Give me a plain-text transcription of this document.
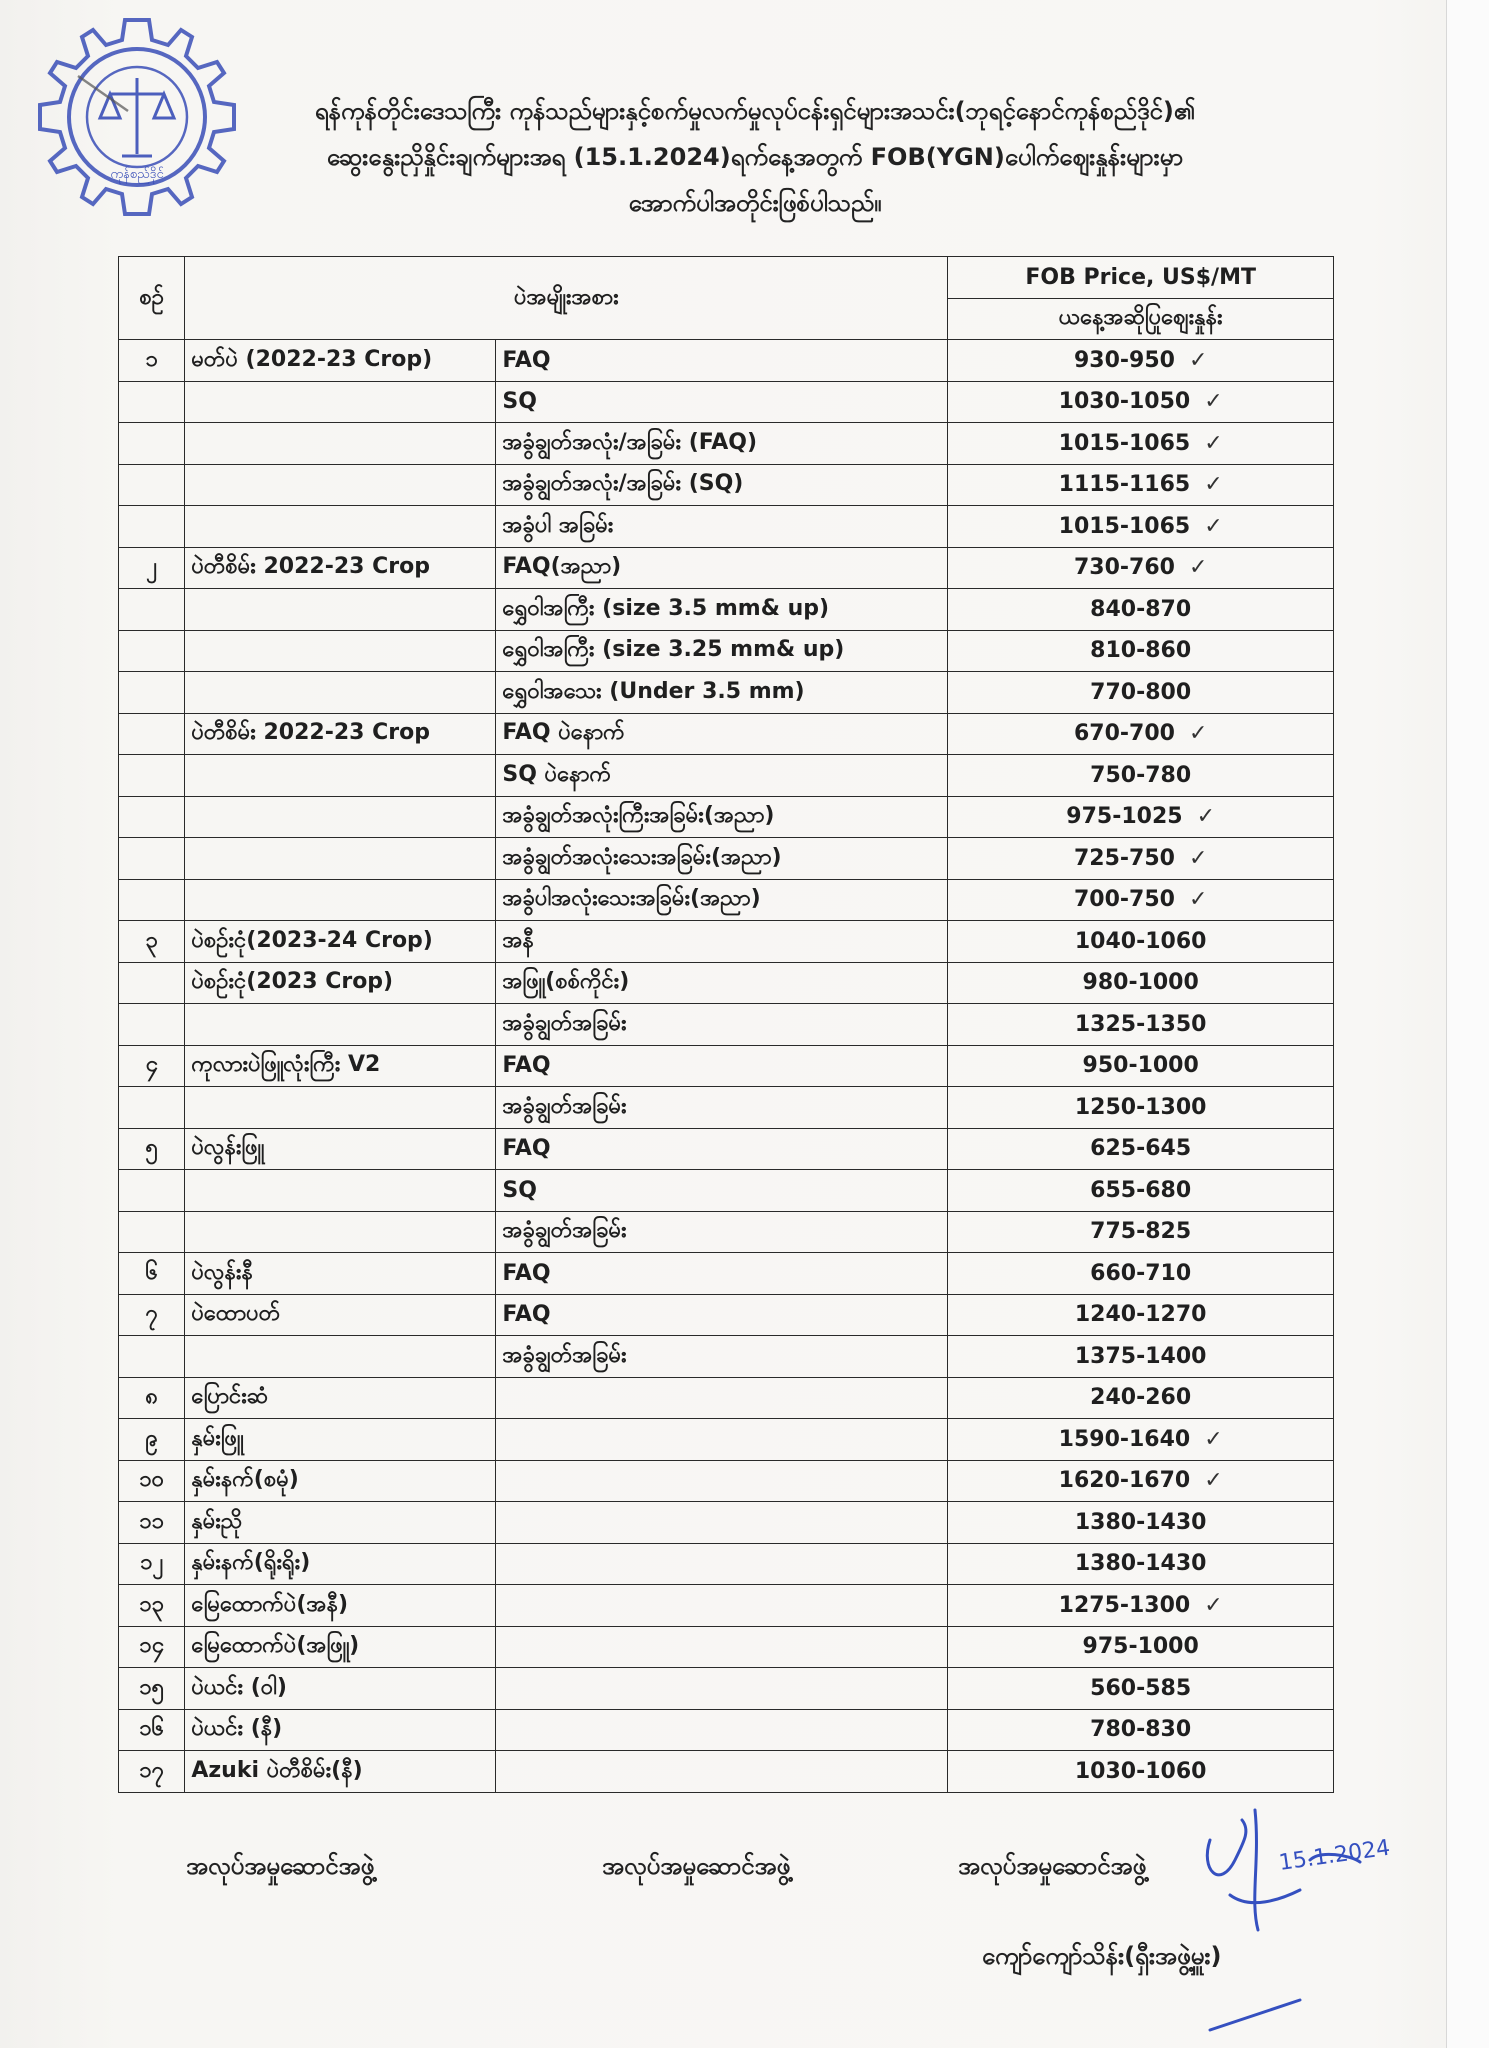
ကုန်စည်ဒိုင်
ရန်ကုန်တိုင်းဒေသကြီး ကုန်သည်များနှင့်စက်မှုလက်မှုလုပ်ငန်းရှင်များအသင်း(ဘုရင့်နောင်ကုန်စည်ဒိုင်)၏
ဆွေးနွေးညှိနှိုင်းချက်များအရ (15.1.2024)ရက်နေ့အတွက် FOB(YGN)ပေါက်ဈေးနှုန်းများမှာ
အောက်ပါအတိုင်းဖြစ်ပါသည်။
စဉ်	ပဲအမျိုးအစား		FOB Price, US$/MT
			ယနေ့အဆိုပြုဈေးနှုန်း
၁	မတ်ပဲ (2022-23 Crop)	FAQ	930-950 ✓
		SQ	1030-1050 ✓
		အခွံချွတ်အလုံး/အခြမ်း (FAQ)	1015-1065 ✓
		အခွံချွတ်အလုံး/အခြမ်း (SQ)	1115-1165 ✓
		အခွံပါ အခြမ်း	1015-1065 ✓
၂	ပဲတီစိမ်း 2022-23 Crop	FAQ(အညာ)	730-760 ✓
		ရွှေဝါအကြီး (size 3.5 mm& up)	840-870
		ရွှေဝါအကြီး (size 3.25 mm& up)	810-860
		ရွှေဝါအသေး (Under 3.5 mm)	770-800
	ပဲတီစိမ်း 2022-23 Crop	FAQ ပဲနောက်	670-700 ✓
		SQ ပဲနောက်	750-780
		အခွံချွတ်အလုံးကြီးအခြမ်း(အညာ)	975-1025 ✓
		အခွံချွတ်အလုံးသေးအခြမ်း(အညာ)	725-750 ✓
		အခွံပါအလုံးသေးအခြမ်း(အညာ)	700-750 ✓
၃	ပဲစဉ်းငုံ(2023-24 Crop)	အနီ	1040-1060
	ပဲစဉ်းငုံ(2023 Crop)	အဖြူ(စစ်ကိုင်း)	980-1000
		အခွံချွတ်အခြမ်း	1325-1350
၄	ကုလားပဲဖြူလုံးကြီး V2	FAQ	950-1000
		အခွံချွတ်အခြမ်း	1250-1300
၅	ပဲလွန်းဖြူ	FAQ	625-645
		SQ	655-680
		အခွံချွတ်အခြမ်း	775-825
၆	ပဲလွန်းနီ	FAQ	660-710
၇	ပဲထောပတ်	FAQ	1240-1270
		အခွံချွတ်အခြမ်း	1375-1400
၈	ပြောင်းဆံ		240-260
၉	နှမ်းဖြူ		1590-1640 ✓
၁၀	နှမ်းနက်(စမုံ)		1620-1670 ✓
၁၁	နှမ်းညို		1380-1430
၁၂	နှမ်းနက်(ရိုးရိုး)		1380-1430
၁၃	မြေထောက်ပဲ(အနီ)		1275-1300 ✓
၁၄	မြေထောက်ပဲ(အဖြူ)		975-1000
၁၅	ပဲယင်း (ဝါ)		560-585
၁၆	ပဲယင်း (နီ)		780-830
၁၇	Azuki ပဲတီစိမ်း(နီ)		1030-1060
အလုပ်အမှုဆောင်အဖွဲ့	အလုပ်အမှုဆောင်အဖွဲ့	အလုပ်အမှုဆောင်အဖွဲ့
ကျော်ကျော်သိန်း(ရှီးအဖွဲ့မှူး)
15.1.2024
